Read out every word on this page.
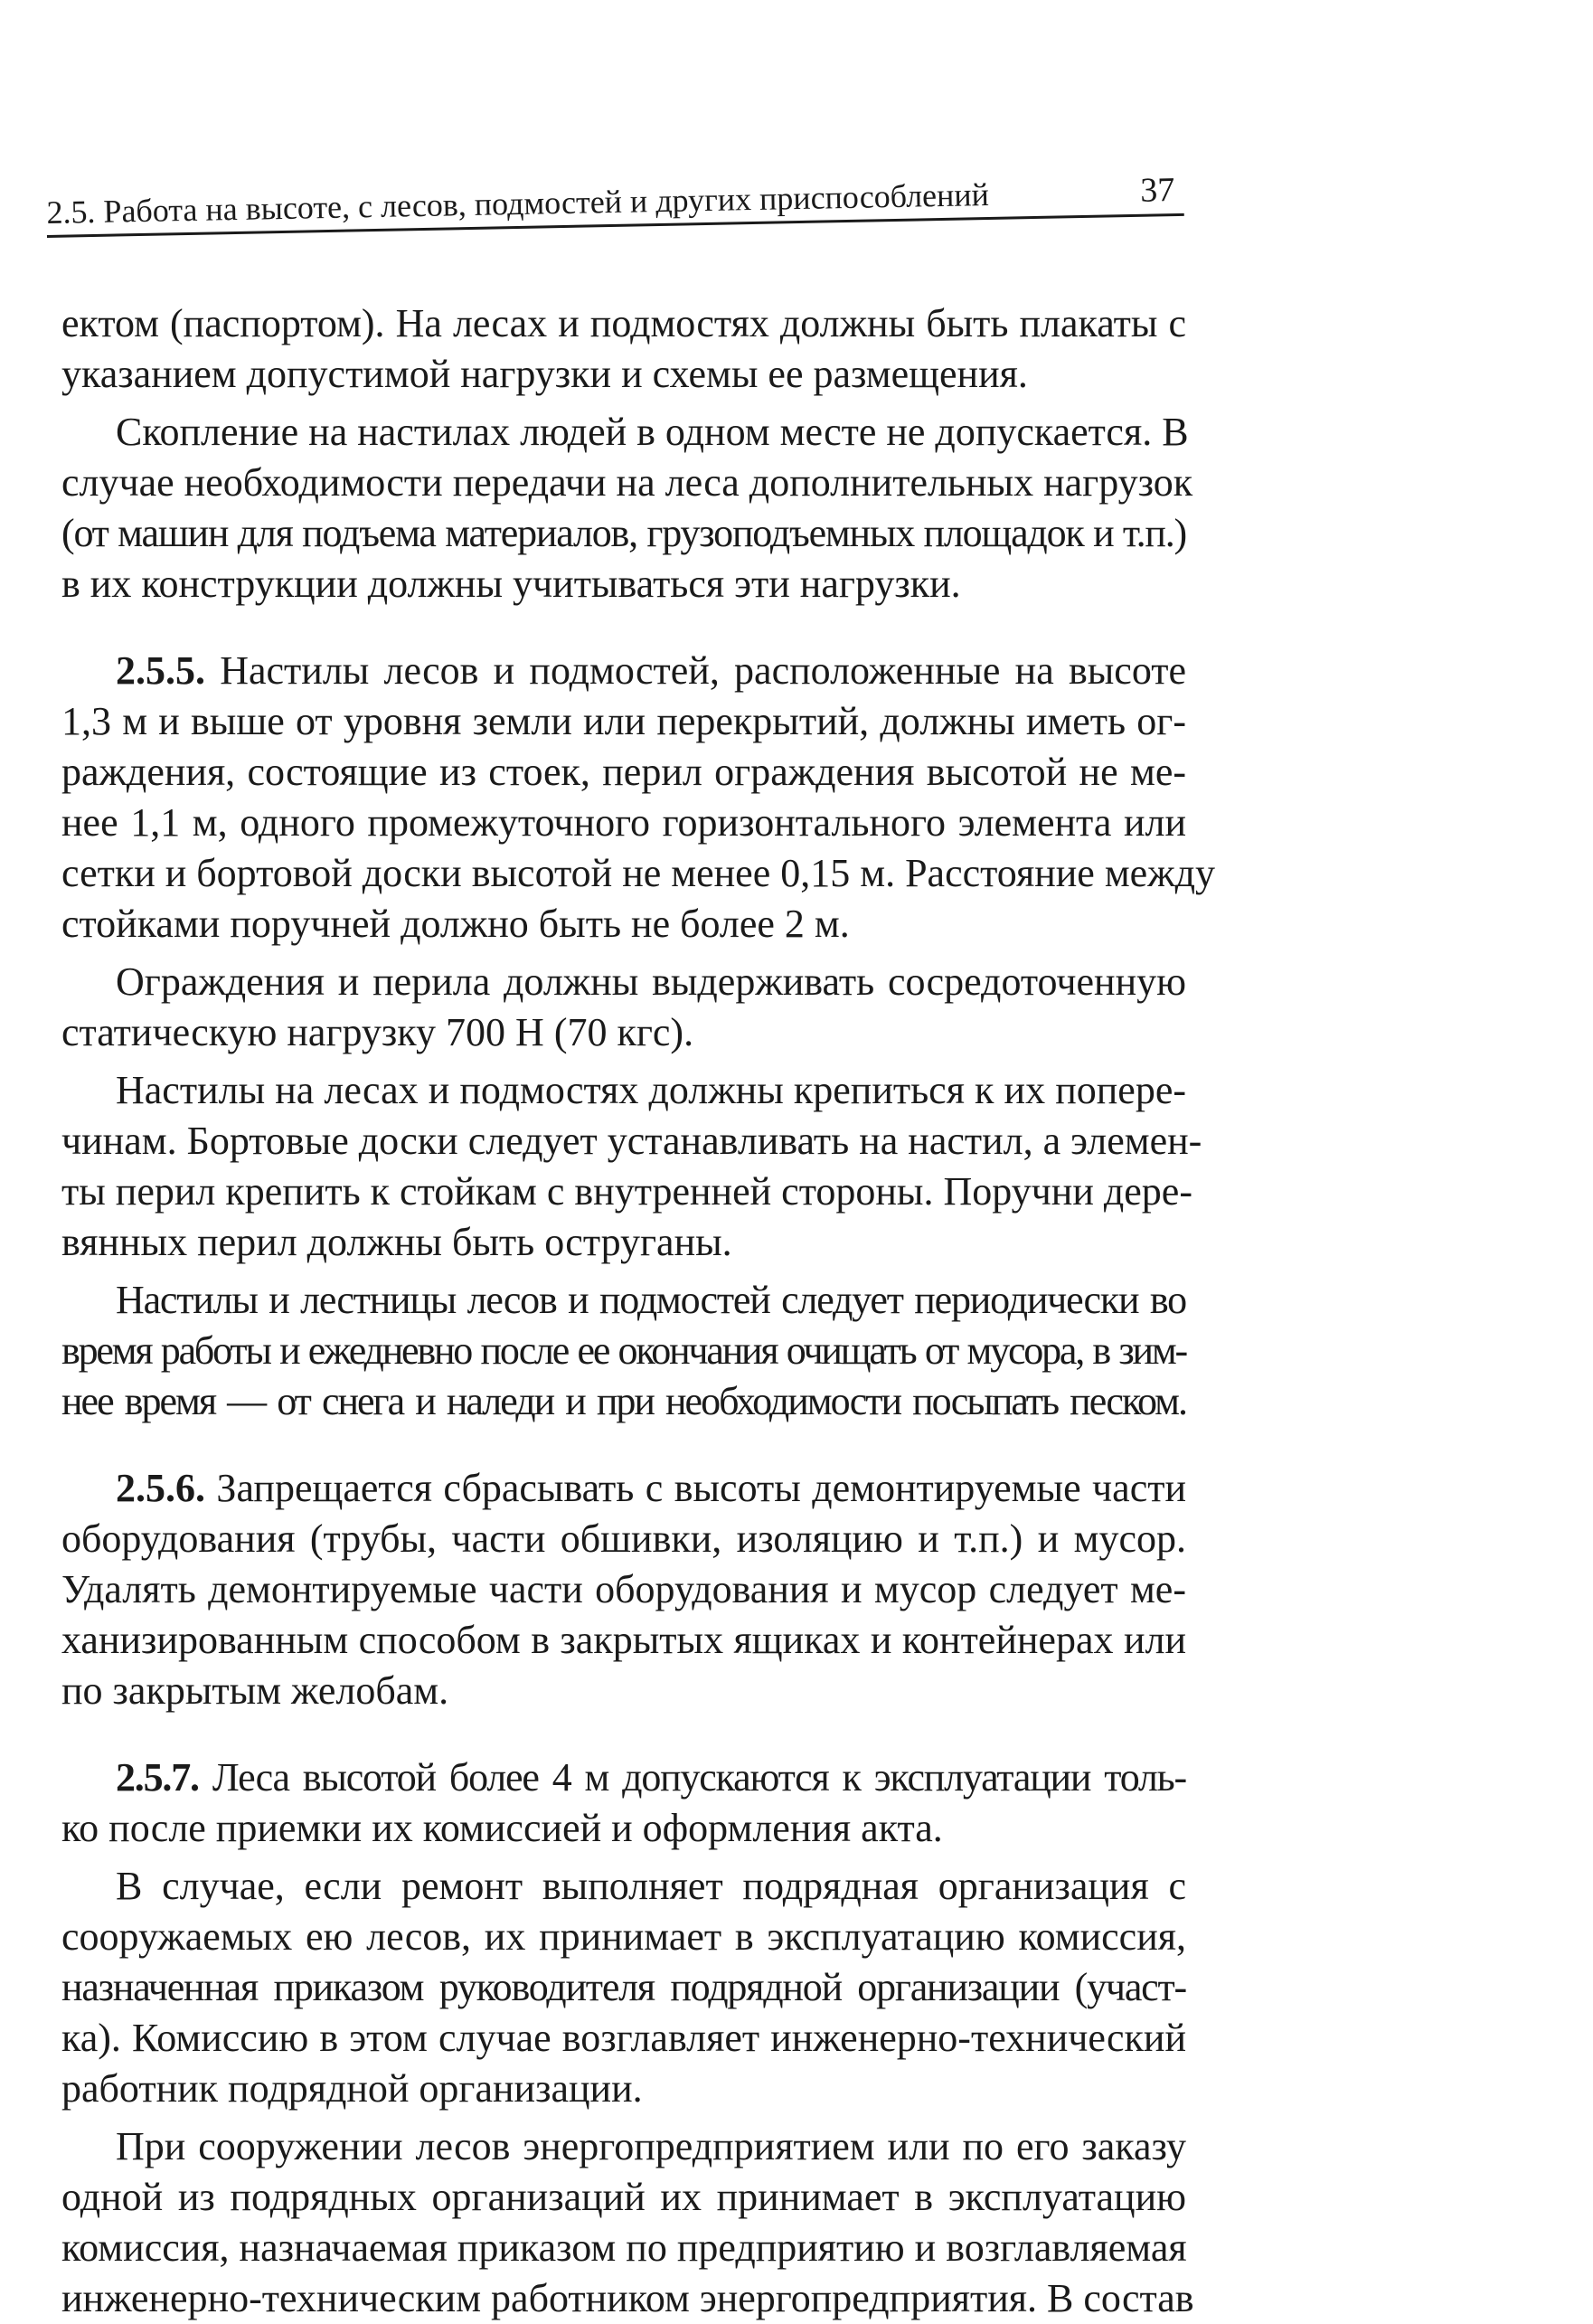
2.5. Работа на высоте, с лесов, подмостей и других приспособлений	37
ектом (паспортом). На лесах и подмостях должны быть плакаты с
указанием допустимой нагрузки и схемы ее размещения.
Скопление на настилах людей в одном месте не допускается. В
случае необходимости передачи на леса дополнительных нагрузок
(от машин для подъема материалов, грузоподъемных площадок и т.п.)
в их конструкции должны учитываться эти нагрузки.
2.5.5. Настилы лесов и подмостей, расположенные на высоте
1,3 м и выше от уровня земли или перекрытий, должны иметь ог-
раждения, состоящие из стоек, перил ограждения высотой не ме-
нее 1,1 м, одного промежуточного горизонтального элемента или
сетки и бортовой доски высотой не менее 0,15 м. Расстояние между
стойками поручней должно быть не более 2 м.
Ограждения и перила должны выдерживать сосредоточенную
статическую нагрузку 700 Н (70 кгс).
Настилы на лесах и подмостях должны крепиться к их попере-
чинам. Бортовые доски следует устанавливать на настил, а элемен-
ты перил крепить к стойкам с внутренней стороны. Поручни дере-
вянных перил должны быть оструганы.
Настилы и лестницы лесов и подмостей следует периодически во
время работы и ежедневно после ее окончания очищать от мусора, в зим-
нее время — от снега и наледи и при необходимости посыпать песком.
2.5.6. Запрещается сбрасывать с высоты демонтируемые части
оборудования (трубы, части обшивки, изоляцию и т.п.) и мусор.
Удалять демонтируемые части оборудования и мусор следует ме-
ханизированным способом в закрытых ящиках и контейнерах или
по закрытым желобам.
2.5.7. Леса высотой более 4 м допускаются к эксплуатации толь-
ко после приемки их комиссией и оформления акта.
В случае, если ремонт выполняет подрядная организация с
сооружаемых ею лесов, их принимает в эксплуатацию комиссия,
назначенная приказом руководителя подрядной организации (участ-
ка). Комиссию в этом случае возглавляет инженерно-технический
работник подрядной организации.
При сооружении лесов энергопредприятием или по его заказу
одной из подрядных организаций их принимает в эксплуатацию
комиссия, назначаемая приказом по предприятию и возглавляемая
инженерно-техническим работником энергопредприятия. В состав
